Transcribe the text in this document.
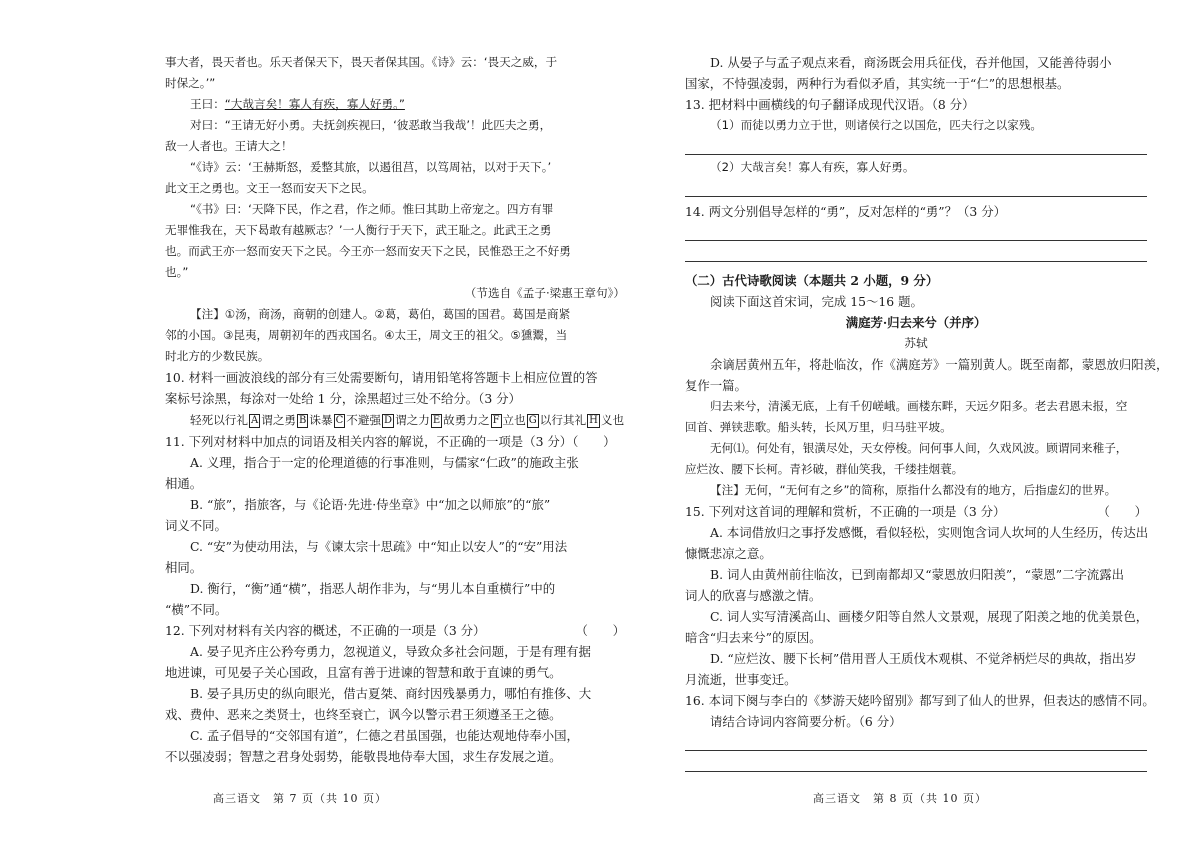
事大者，畏天者也。乐天者保天下，畏天者保其国。《诗》云：‘畏天之威，于
时保之。’”
王曰：“大哉言矣！寡人有疾，寡人好勇。”
对曰：“王请无好小勇。夫抚剑疾视曰，‘彼恶敢当我哉’！此匹夫之勇，
敌一人者也。王请大之！
“《诗》云：‘王赫斯怒，爰整其旅，以遏徂莒，以笃周祜，以对于天下。’
此文王之勇也。文王一怒而安天下之民。
“《书》曰：‘天降下民，作之君，作之师。惟曰其助上帝宠之。四方有罪
无罪惟我在，天下曷敢有越厥志？’一人衡行于天下，武王耻之。此武王之勇
也。而武王亦一怒而安天下之民。今王亦一怒而安天下之民，民惟恐王之不好勇
也。”
（节选自《孟子·梁惠王章句》）
【注】①汤，商汤，商朝的创建人。②葛，葛伯，葛国的国君。葛国是商紧
邻的小国。③昆夷，周朝初年的西戎国名。④太王，周文王的祖父。⑤獯鬻，当
时北方的少数民族。
10. 材料一画波浪线的部分有三处需要断句，请用铅笔将答题卡上相应位置的答
案标号涂黑，每涂对一处给 1 分，涂黑超过三处不给分。（3 分）
轻死以行礼 A 谓之勇 B 诛暴 C 不避强 D 谓之力 E 故勇力之 F 立也 G 以行其礼 H 义也
11. 下列对材料中加点的词语及相关内容的解说，不正确的一项是（3 分）（　　）
A. 义理，指合于一定的伦理道德的行事准则，与儒家“仁政”的施政主张
相通。
B. “旅”，指旅客，与《论语·先进·侍坐章》中“加之以师旅”的“旅”
词义不同。
C. “安”为使动用法，与《谏太宗十思疏》中“知止以安人”的“安”用法
相同。
D. 衡行，“衡”通“横”，指恶人胡作非为，与“男儿本自重横行”中的
“横”不同。
12. 下列对材料有关内容的概述，不正确的一项是（3 分）	（　　）
A. 晏子见齐庄公矜夸勇力，忽视道义，导致众多社会问题，于是有理有据
地进谏，可见晏子关心国政，且富有善于进谏的智慧和敢于直谏的勇气。
B. 晏子具历史的纵向眼光，借古夏桀、商纣因残暴勇力，哪怕有推侈、大
戏、费仲、恶来之类贤士，也终至衰亡，讽今以警示君王须遵圣王之德。
C. 孟子倡导的“交邻国有道”，仁德之君虽国强，也能达观地侍奉小国，
不以强凌弱；智慧之君身处弱势，能敬畏地侍奉大国，求生存发展之道。
高三语文　第 7 页（共 10 页）
D. 从晏子与孟子观点来看，商汤既会用兵征伐，吞并他国，又能善待弱小
国家，不恃强凌弱，两种行为看似矛盾，其实统一于“仁”的思想根基。
13. 把材料中画横线的句子翻译成现代汉语。（8 分）
（1）而徒以勇力立于世，则诸侯行之以国危，匹夫行之以家残。
（2）大哉言矣！寡人有疾，寡人好勇。
14. 两文分别倡导怎样的“勇”，反对怎样的“勇”？（3 分）
（二）古代诗歌阅读（本题共 2 小题，9 分）
阅读下面这首宋词，完成 15～16 题。
满庭芳·归去来兮（并序）
苏轼
余谪居黄州五年，将赴临汝，作《满庭芳》一篇别黄人。既至南都，蒙恩放归阳羡，
复作一篇。
归去来兮，清溪无底，上有千仞嵯峨。画楼东畔，天远夕阳多。老去君恩未报，空
回首、弹铗悲歌。船头转，长风万里，归马驻平坡。
无何⑴。何处有，银潢尽处，天女停梭。问何事人间，久戏风波。顾谓同来稚子，
应烂汝、腰下长柯。青衫破，群仙笑我，千缕挂烟蓑。
【注】无何，“无何有之乡”的简称，原指什么都没有的地方，后指虚幻的世界。
15. 下列对这首词的理解和赏析，不正确的一项是（3 分）	（　　）
A. 本词借放归之事抒发感慨，看似轻松，实则饱含词人坎坷的人生经历，传达出
慷慨悲凉之意。
B. 词人由黄州前往临汝，已到南都却又“蒙恩放归阳羡”，“蒙恩”二字流露出
词人的欣喜与感激之情。
C. 词人实写清溪高山、画楼夕阳等自然人文景观，展现了阳羡之地的优美景色，
暗含“归去来兮”的原因。
D. “应烂汝、腰下长柯”借用晋人王质伐木观棋、不觉斧柄烂尽的典故，指出岁
月流逝，世事变迁。
16. 本词下阕与李白的《梦游天姥吟留别》都写到了仙人的世界，但表达的感情不同。
请结合诗词内容简要分析。（6 分）
高三语文　第 8 页（共 10 页）
